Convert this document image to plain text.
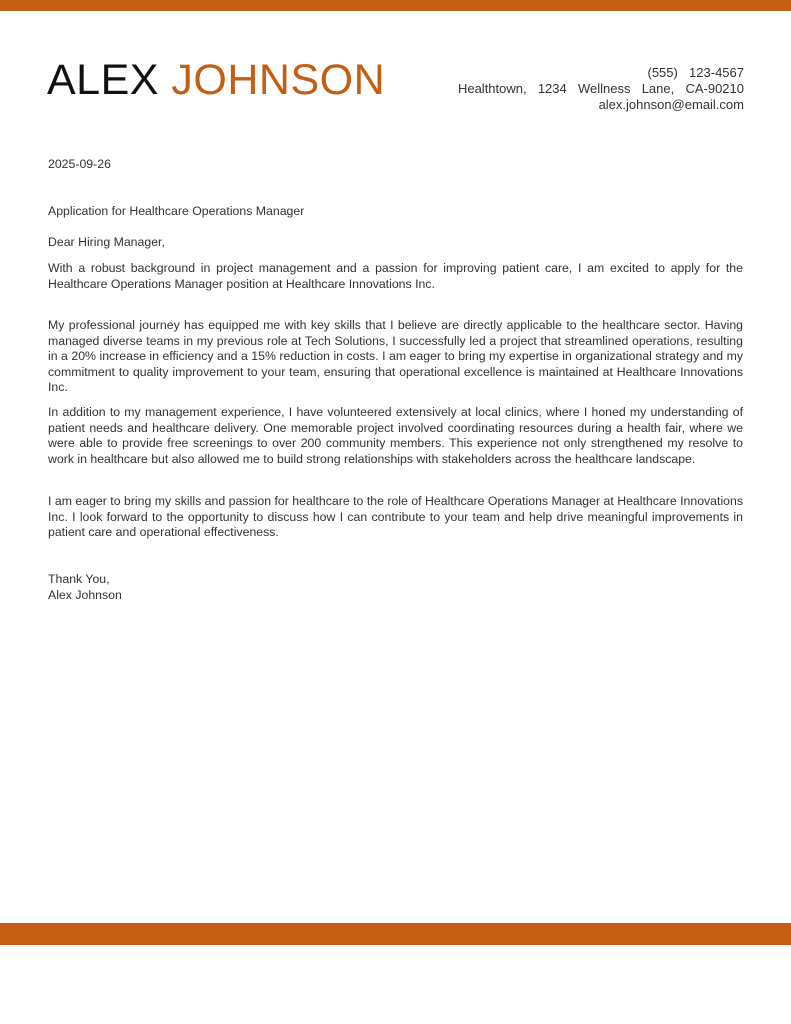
ALEX JOHNSON	(555)  123-4567
Healthtown,  1234  Wellness  Lane,  CA-90210
alex.johnson@email.com
2025-09-26
Application for Healthcare Operations Manager
Dear Hiring Manager,
With a robust background in project management and a passion for improving patient care, I am excited to apply for the Healthcare Operations Manager position at Healthcare Innovations Inc.
My professional journey has equipped me with key skills that I believe are directly applicable to the healthcare sector. Having managed diverse teams in my previous role at Tech Solutions, I successfully led a project that streamlined operations, resulting in a 20% increase in efficiency and a 15% reduction in costs. I am eager to bring my expertise in organizational strategy and my commitment to quality improvement to your team, ensuring that operational excellence is maintained at Healthcare Innovations Inc.
In addition to my management experience, I have volunteered extensively at local clinics, where I honed my understanding of patient needs and healthcare delivery. One memorable project involved coordinating resources during a health fair, where we were able to provide free screenings to over 200 community members. This experience not only strengthened my resolve to work in healthcare but also allowed me to build strong relationships with stakeholders across the healthcare landscape.
I am eager to bring my skills and passion for healthcare to the role of Healthcare Operations Manager at Healthcare Innovations Inc. I look forward to the opportunity to discuss how I can contribute to your team and help drive meaningful improvements in patient care and operational effectiveness.
Thank You,
Alex Johnson
